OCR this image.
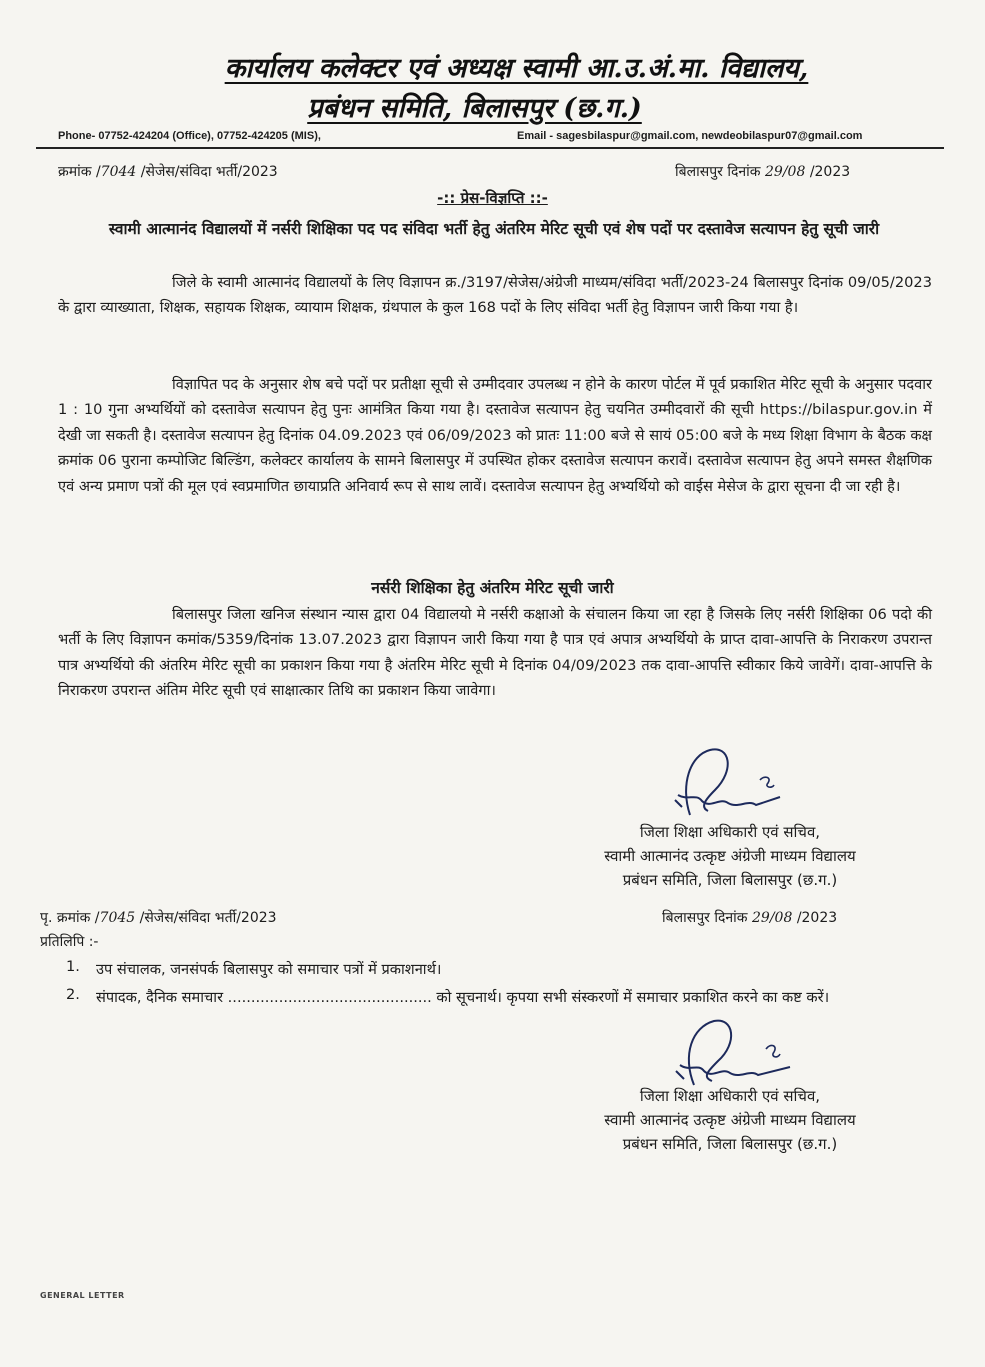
कार्यालय कलेक्टर एवं अध्यक्ष स्वामी आ.उ.अं.मा. विद्यालय,
प्रबंधन समिति, बिलासपुर (छ.ग.)
Phone- 07752-424204 (Office), 07752-424205 (MIS),	Email - sagesbilaspur@gmail.com, newdeobilaspur07@gmail.com
क्रमांक /7044 /सेजेस/संविदा भर्ती/2023	बिलासपुर दिनांक 29/08 /2023
-:: प्रेस-विज्ञप्ति ::-
स्वामी आत्मानंद विद्यालयों में नर्सरी शिक्षिका पद पद संविदा भर्ती हेतु अंतरिम मेरिट सूची एवं शेष पदों पर दस्तावेज सत्यापन हेतु सूची जारी
जिले के स्वामी आत्मानंद विद्यालयों के लिए विज्ञापन क्र./3197/सेजेस/अंग्रेजी माध्यम/संविदा भर्ती/2023-24 बिलासपुर दिनांक 09/05/2023 के द्वारा व्याख्याता, शिक्षक, सहायक शिक्षक, व्यायाम शिक्षक, ग्रंथपाल के कुल 168 पदों के लिए संविदा भर्ती हेतु विज्ञापन जारी किया गया है।
विज्ञापित पद के अनुसार शेष बचे पदों पर प्रतीक्षा सूची से उम्मीदवार उपलब्ध न होने के कारण पोर्टल में पूर्व प्रकाशित मेरिट सूची के अनुसार पदवार 1 : 10 गुना अभ्यर्थियों को दस्तावेज सत्यापन हेतु पुनः आमंत्रित किया गया है। दस्तावेज सत्यापन हेतु चयनित उम्मीदवारों की सूची https://bilaspur.gov.in में देखी जा सकती है। दस्तावेज सत्यापन हेतु दिनांक 04.09.2023 एवं 06/09/2023 को प्रातः 11:00 बजे से सायं 05:00 बजे के मध्य शिक्षा विभाग के बैठक कक्ष क्रमांक 06 पुराना कम्पोजिट बिल्डिंग, कलेक्टर कार्यालय के सामने बिलासपुर में उपस्थित होकर दस्तावेज सत्यापन करावें। दस्तावेज सत्यापन हेतु अपने समस्त शैक्षणिक एवं अन्य प्रमाण पत्रों की मूल एवं स्वप्रमाणित छायाप्रति अनिवार्य रूप से साथ लावें। दस्तावेज सत्यापन हेतु अभ्यर्थियो को वाईस मेसेज के द्वारा सूचना दी जा रही है।
नर्सरी शिक्षिका हेतु अंतरिम मेरिट सूची जारी
बिलासपुर जिला खनिज संस्थान न्यास द्वारा 04 विद्यालयो मे नर्सरी कक्षाओ के संचालन किया जा रहा है जिसके लिए नर्सरी शिक्षिका 06 पदो की भर्ती के लिए विज्ञापन कमांक/5359/दिनांक 13.07.2023 द्वारा विज्ञापन जारी किया गया है पात्र एवं अपात्र अभ्यर्थियो के प्राप्त दावा-आपत्ति के निराकरण उपरान्त पात्र अभ्यर्थियो की अंतरिम मेरिट सूची का प्रकाशन किया गया है अंतरिम मेरिट सूची मे दिनांक 04/09/2023 तक दावा-आपत्ति स्वीकार किये जावेगें। दावा-आपत्ति के निराकरण उपरान्त अंतिम मेरिट सूची एवं साक्षात्कार तिथि का प्रकाशन किया जावेगा।
जिला शिक्षा अधिकारी एवं सचिव,
स्वामी आत्मानंद उत्कृष्ट अंग्रेजी माध्यम विद्यालय
प्रबंधन समिति, जिला बिलासपुर (छ.ग.)
पृ. क्रमांक /7045 /सेजेस/संविदा भर्ती/2023	बिलासपुर दिनांक 29/08 /2023
प्रतिलिपि :-
1. उप संचालक, जनसंपर्क बिलासपुर को समाचार पत्रों में प्रकाशनार्थ।
2. संपादक, दैनिक समाचार ............................................ को सूचनार्थ। कृपया सभी संस्करणों में समाचार प्रकाशित करने का कष्ट करें।
जिला शिक्षा अधिकारी एवं सचिव,
स्वामी आत्मानंद उत्कृष्ट अंग्रेजी माध्यम विद्यालय
प्रबंधन समिति, जिला बिलासपुर (छ.ग.)
GENERAL LETTER
